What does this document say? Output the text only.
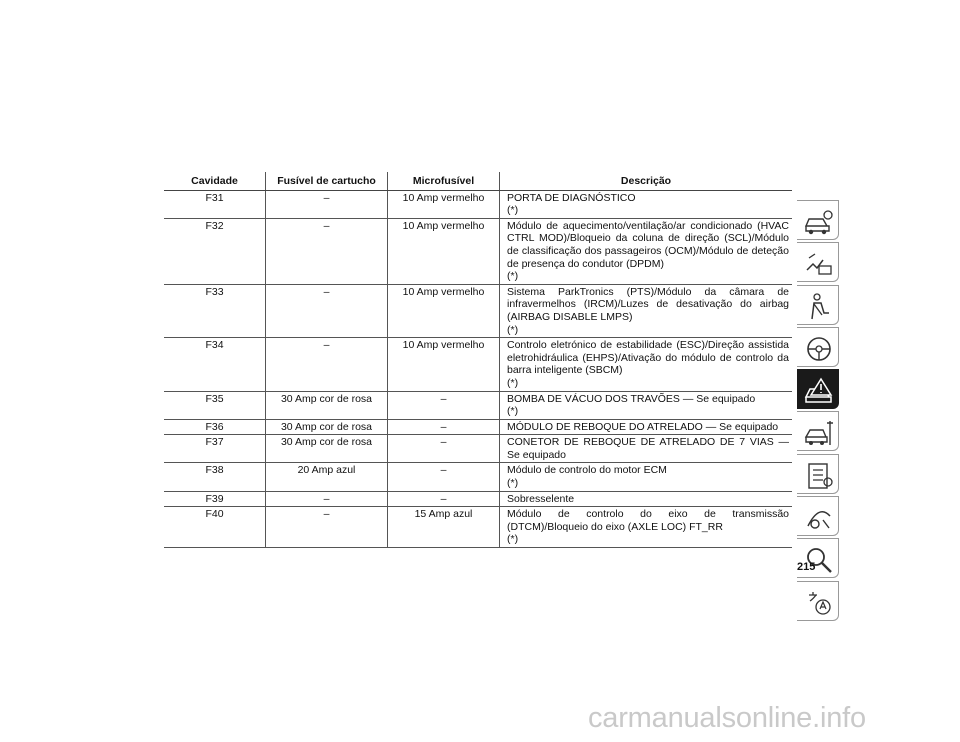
Cavidade	Fusível de cartucho	Microfusível	Descrição
F31	–	10 Amp vermelho	PORTA DE DIAGNÓSTICO
(*)

F32	–	10 Amp vermelho	Módulo de aquecimento/ventilação/ar condicionado (HVAC CTRL MOD)/Bloqueio da coluna de direção (SCL)/Módulo de classificação dos passageiros (OCM)/Módulo de deteção de presença do condutor (DPDM)
(*)

F33	–	10 Amp vermelho	Sistema ParkTronics (PTS)/Módulo da câmara de infravermelhos (IRCM)/Luzes de desativação do airbag (AIRBAG DISABLE LMPS)
(*)

F34	–	10 Amp vermelho	Controlo eletrónico de estabilidade (ESC)/Direção assistida eletrohidráulica (EHPS)/Ativação do módulo de controlo da barra inteligente (SBCM)
(*)

F35	30 Amp cor de rosa	–	BOMBA DE VÁCUO DOS TRAVÕES — Se equipado
(*)

F36	30 Amp cor de rosa	–	MÓDULO DE REBOQUE DO ATRELADO — Se equipado

F37	30 Amp cor de rosa	–	CONETOR DE REBOQUE DE ATRELADO DE 7 VIAS — Se equipado

F38	20 Amp azul	–	Módulo de controlo do motor ECM
(*)

F39	–	–	Sobresselente

F40	–	15 Amp azul	Módulo de controlo do eixo de transmissão (DTCM)/Bloqueio do eixo (AXLE LOC) FT_RR
(*)
215
carmanualsonline.info
